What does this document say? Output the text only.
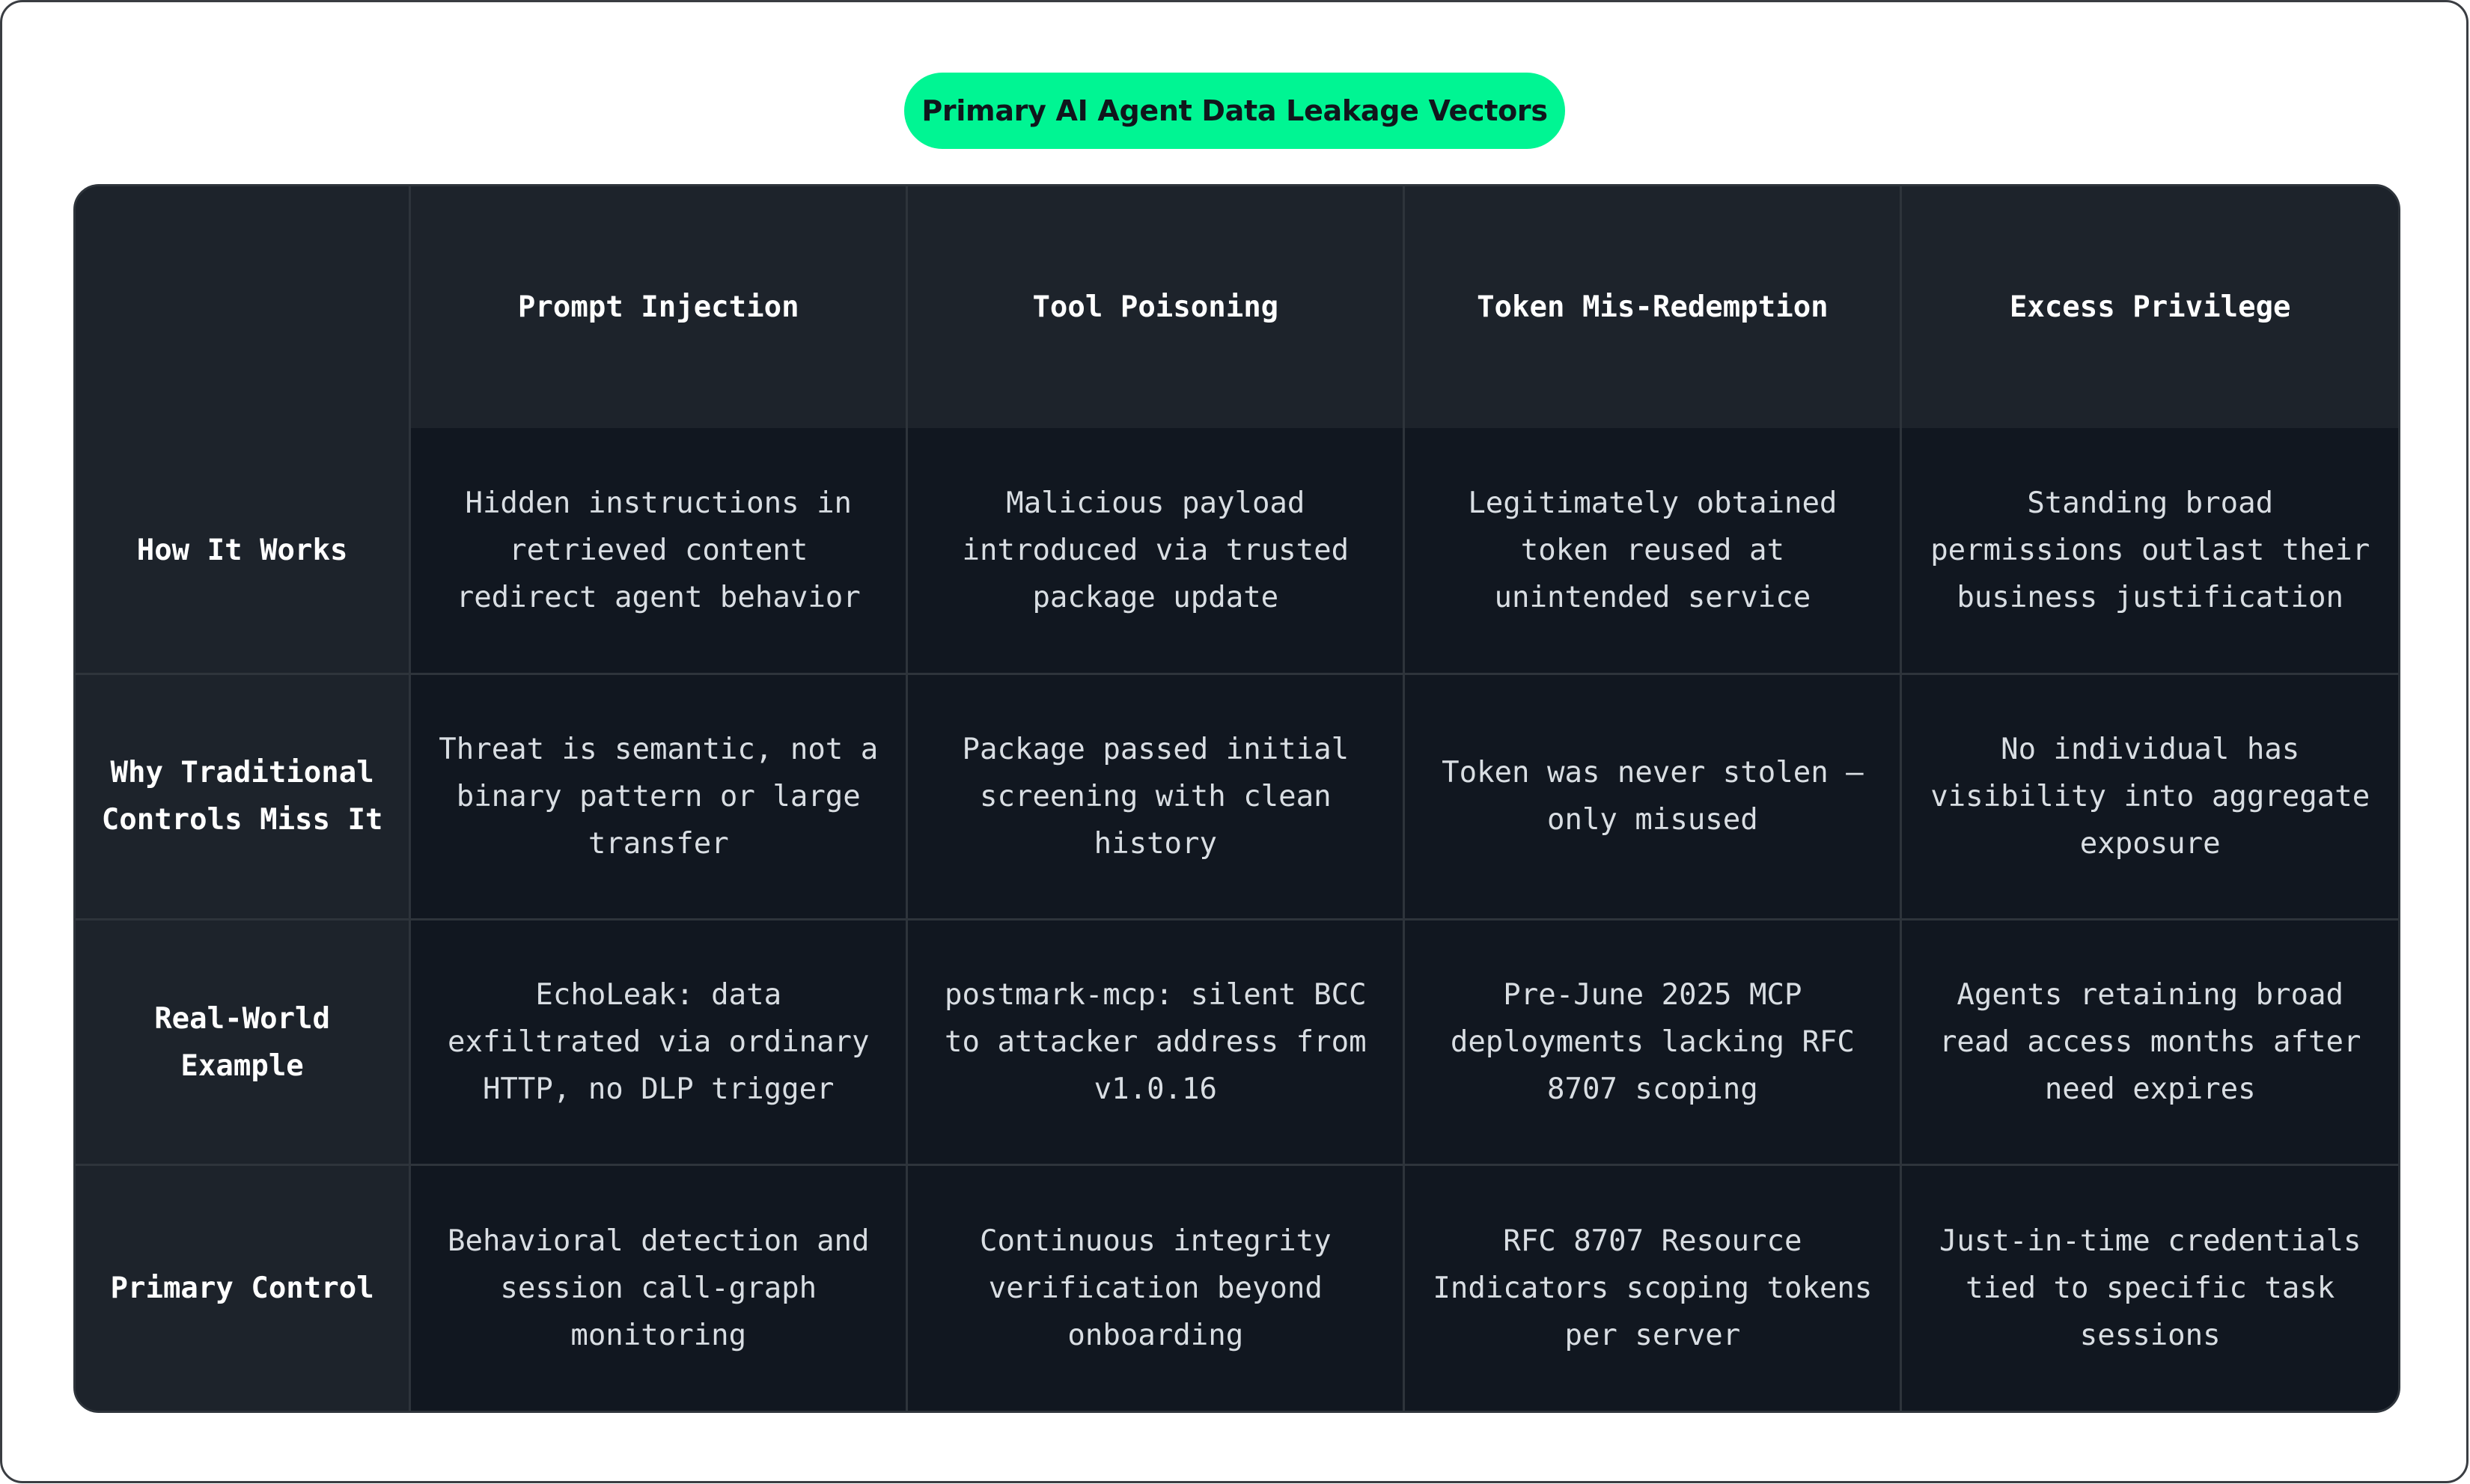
Primary AI Agent Data Leakage Vectors
	Prompt Injection	Tool Poisoning	Token Mis-Redemption	Excess Privilege
How It Works	Hidden instructions in retrieved content redirect agent behavior	Malicious payload introduced via trusted package update	Legitimately obtained token reused at unintended service	Standing broad permissions outlast their business justification
Why Traditional Controls Miss It	Threat is semantic, not a binary pattern or large transfer	Package passed initial screening with clean history	Token was never stolen — only misused	No individual has visibility into aggregate exposure
Real-World Example	EchoLeak: data exfiltrated via ordinary HTTP, no DLP trigger	postmark-mcp: silent BCC to attacker address from v1.0.16	Pre-June 2025 MCP deployments lacking RFC 8707 scoping	Agents retaining broad read access months after need expires
Primary Control	Behavioral detection and session call-graph monitoring	Continuous integrity verification beyond onboarding	RFC 8707 Resource Indicators scoping tokens per server	Just-in-time credentials tied to specific task sessions
